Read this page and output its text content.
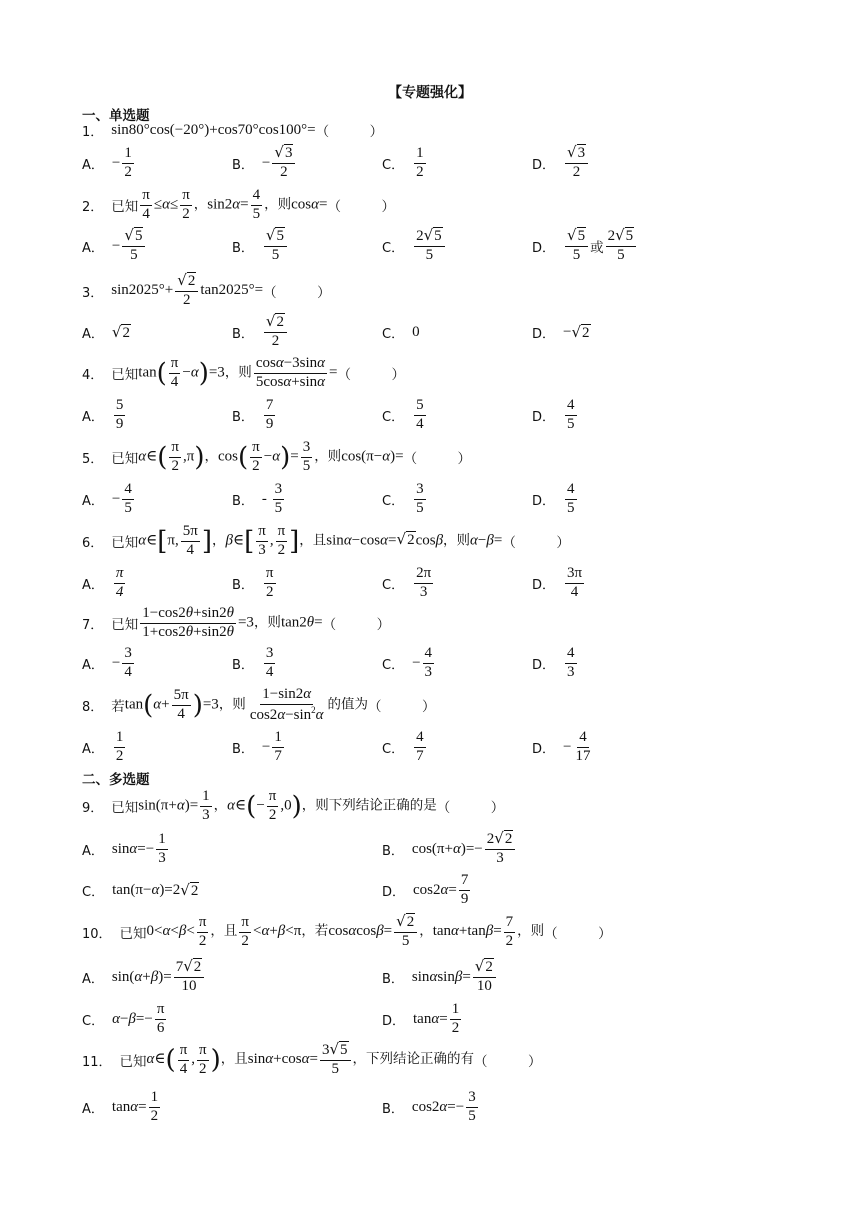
【专题强化】
一、单选题
1． sin80°cos(−20°)+cos70°cos100°= （　　　）
A． −
1
2	B． −
√3
2	C．
1
2	D．
√3
2
2． 已知 $\frac{\pi}{4} \le\alpha\le \frac{\pi}{2}$ ，$\sin 2\alpha= \frac{4}{5}$ ，则cosα= （　　　）
A． −
√5
5	B．
√5
5	C．
2√5
5	D．
√5
5 或
2√5
5
3． $\sin 2025^\circ+ \frac{√2}{2} \tan 2025^\circ=$ （　　　）
A． √2	B．
√2
2	C． 0	D． − √2
4． 已知 $\tan( \frac{\pi}{4} -\alpha)=3$，则 $\frac{\cos\alpha-3\sin\alpha}{5\cos\alpha+\sin\alpha}$ = （　　　）
A．
5
9	B．
7
9	C．
5
4	D．
4
5
5． 已知 α∈( $\frac{\pi}{2} ,\pi$)，$\cos( \frac{\pi}{2} -\alpha)= \frac{3}{5}$ ，则cos(π−α)= （　　　）
A． −
4
5	B． -
3
5	C．
3
5	D．
4
5
6． 已知 α∈[π, $\frac{5\pi}{4}$ ]，β∈[ $\frac{\pi}{3}$ , $\frac{\pi}{2}$ ]，且sinα−cosα=√2cosβ，则α−β= （　　　）
A．
π
4	B．
π
2	C．
2π
3	D．
3π
4
7． 已知 $\frac{1-\cos 2\theta+\sin 2\theta}{1+\cos 2\theta+\sin 2\theta} =3$，则tan2θ= （　　　）
A． −
3
4	B．
3
4	C． −
4
3	D．
4
3
8． 若 $\tan(\alpha+ \frac{5\pi}{4} )=3$，则 $\frac{1-\sin 2\alpha}{\cos 2\alpha-\sin^2\alpha}$ 的值为 （　　　）
A．
1
2	B． −
1
7	C．
4
7	D． −
4
17
二、多选题
9． 已知 $\sin(\pi+\alpha)= \frac{1}{3}$ ，α∈(− $\frac{\pi}{2} ,0$)，则下列结论正确的是 （　　　）
A． sin α =−
1
3	B． cos(π+ α )=−
2√2
3
C． tan(π− α )=2 √2	D． cos2 α =
7
9
10． 已知 $0<\alpha<\beta< \frac{\pi}{2}$ ，且 $\frac{\pi}{2} <\alpha+\beta<\pi$，若$\cos\alpha\cos\beta= \frac{√2}{5}$ ，$\tan\alpha+\tan\beta= \frac{7}{2}$ ，则 （　　　）
A． sin( α + β )=
7√2
10	B． sin α sin β =
√2
10
C． α − β =−
π
6	D． tan α =
1
2
11． 已知 α∈( $\frac{\pi}{4}$ , $\frac{\pi}{2}$ )，且$\sin\alpha+\cos\alpha= \frac{3√5}{5}$ ，下列结论正确的有 （　　　）
A． tan α =
1
2	B． cos2 α =−
3
5
